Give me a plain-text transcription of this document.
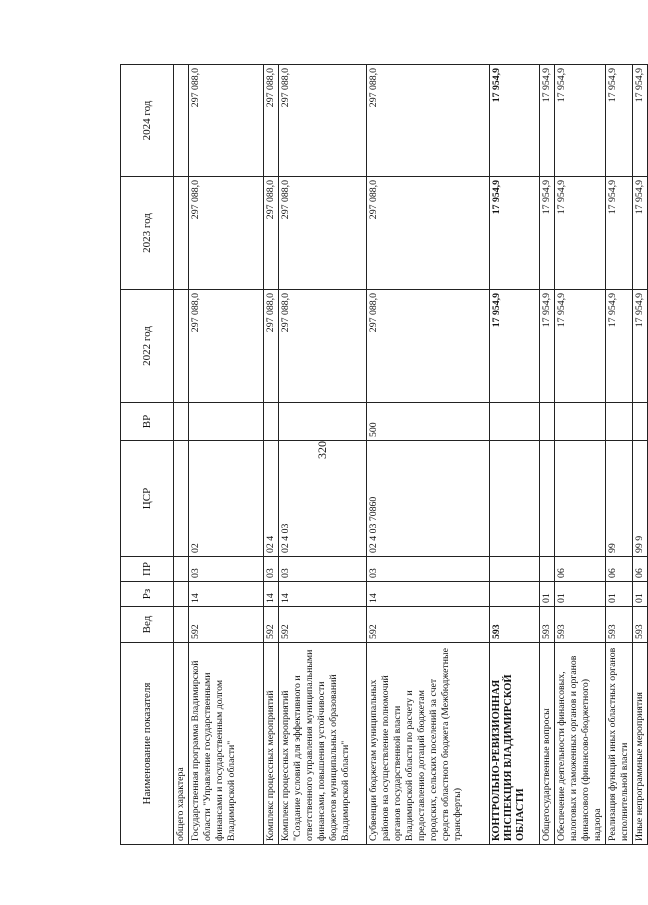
320
Наименование показателя	Вед	Рз	ПР	ЦСР	ВР	2022 год	2023 год	2024 год
общего характера								
Государственная программа Владимирской области "Управление государственными финансами и государственным долгом Владимирской области"	592	14	03	02		297 088,0	297 088,0	297 088,0
Комплекс процессных мероприятий	592	14	03	02 4		297 088,0	297 088,0	297 088,0
Комплекс процессных мероприятий "Создание условий для эффективного и ответственного управления муниципальными финансами, повышения устойчивости бюджетов муниципальных образований Владимирской области"	592	14	03	02 4 03		297 088,0	297 088,0	297 088,0
Субвенции бюджетам муниципальных районов на осуществление полномочий органов государственной власти Владимирской области по расчету и предоставлению дотаций бюджетам городских, сельских поселений за счет средств областного бюджета (Межбюджетные трансферты)	592	14	03	02 4 03 70860	500	297 088,0	297 088,0	297 088,0
КОНТРОЛЬНО-РЕВИЗИОННАЯ ИНСПЕКЦИЯ ВЛАДИМИРСКОЙ ОБЛАСТИ	593					17 954,9	17 954,9	17 954,9
Общегосударственные вопросы	593	01				17 954,9	17 954,9	17 954,9
Обеспечение деятельности финансовых, налоговых и таможенных органов и органов финансового (финансово-бюджетного) надзора	593	01	06			17 954,9	17 954,9	17 954,9
Реализация функций иных областных органов исполнительной власти	593	01	06	99		17 954,9	17 954,9	17 954,9
Иные непрограммные мероприятия	593	01	06	99 9		17 954,9	17 954,9	17 954,9
